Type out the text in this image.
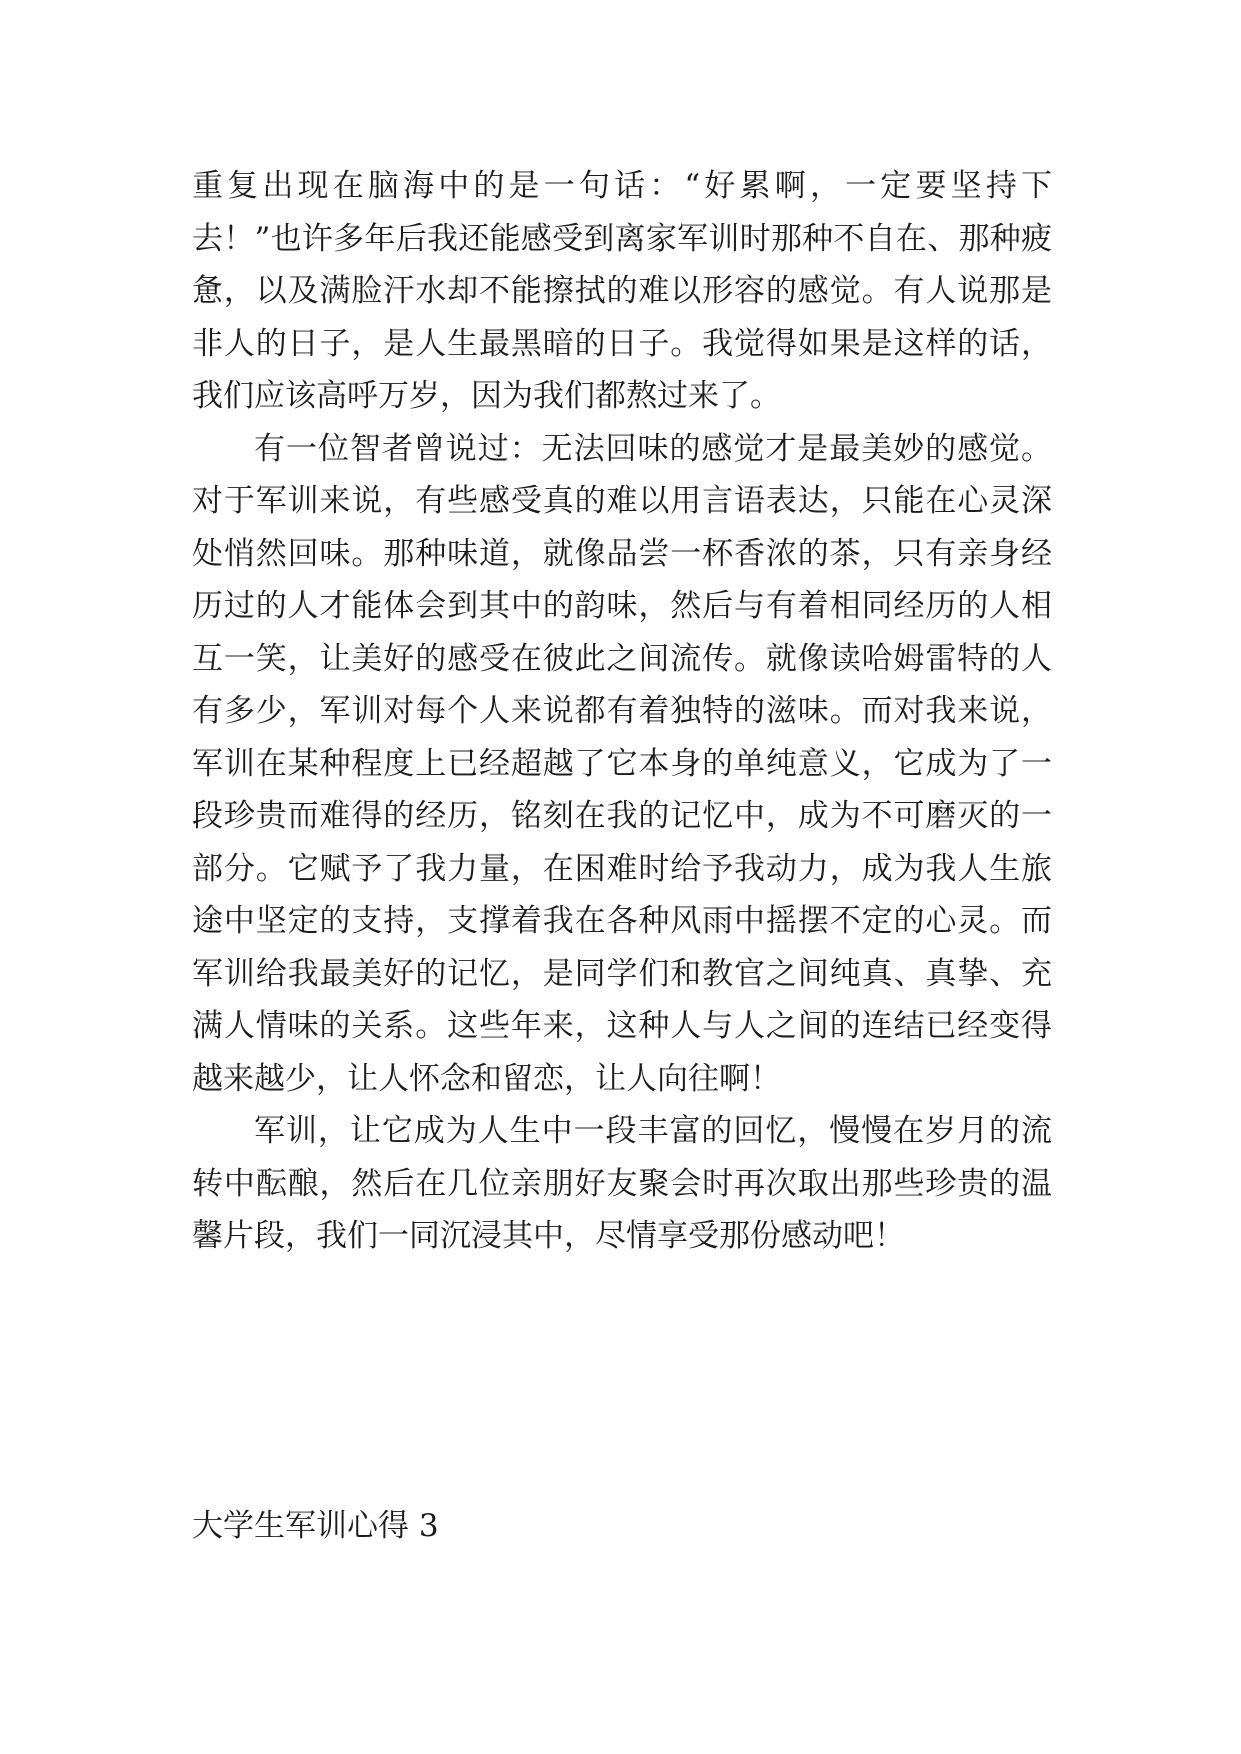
重复出现在脑海中的是一句话：“好累啊，一定要坚持下去！”也许多年后我还能感受到离家军训时那种不自在、那种疲惫，以及满脸汗水却不能擦拭的难以形容的感觉。有人说那是非人的日子，是人生最黑暗的日子。我觉得如果是这样的话，我们应该高呼万岁，因为我们都熬过来了。

有一位智者曾说过：无法回味的感觉才是最美妙的感觉。对于军训来说，有些感受真的难以用言语表达，只能在心灵深处悄然回味。那种味道，就像品尝一杯香浓的茶，只有亲身经历过的人才能体会到其中的韵味，然后与有着相同经历的人相互一笑，让美好的感受在彼此之间流传。就像读哈姆雷特的人有多少，军训对每个人来说都有着独特的滋味。而对我来说，军训在某种程度上已经超越了它本身的单纯意义，它成为了一段珍贵而难得的经历，铭刻在我的记忆中，成为不可磨灭的一部分。它赋予了我力量，在困难时给予我动力，成为我人生旅途中坚定的支持，支撑着我在各种风雨中摇摆不定的心灵。而军训给我最美好的记忆，是同学们和教官之间纯真、真挚、充满人情味的关系。这些年来，这种人与人之间的连结已经变得越来越少，让人怀念和留恋，让人向往啊！

军训，让它成为人生中一段丰富的回忆，慢慢在岁月的流转中酝酿，然后在几位亲朋好友聚会时再次取出那些珍贵的温馨片段，我们一同沉浸其中，尽情享受那份感动吧！

大学生军训心得 3
